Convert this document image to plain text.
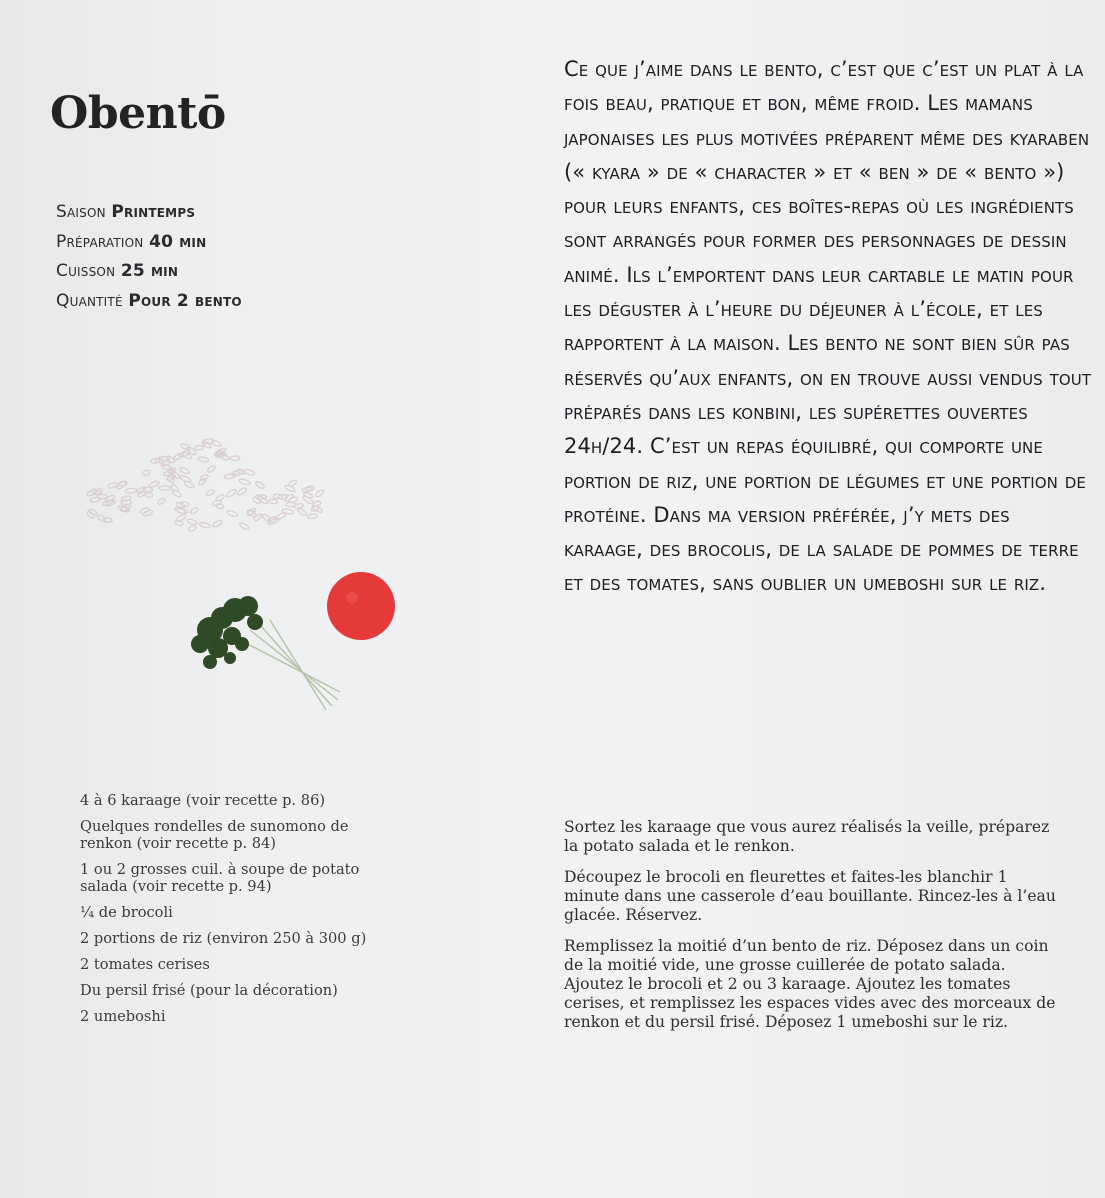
Obentō
Saison Printemps
Préparation 40 min
Cuisson 25 min
Quantité Pour 2 bento
Ce que j’aime dans le bento, c’est que c’est un plat à la fois beau, pratique et bon, même froid. Les mamans japonaises les plus motivées préparent même des kyaraben (« kyara » de « character » et « ben » de « bento ») pour leurs enfants, ces boîtes-repas où les ingrédients sont arrangés pour former des personnages de dessin animé. Ils l’emportent dans leur cartable le matin pour les déguster à l’heure du déjeuner à l’école, et les rapportent à la maison. Les bento ne sont bien sûr pas réservés qu’aux enfants, on en trouve aussi vendus tout préparés dans les konbini, les supérettes ouvertes 24h/24. C’est un repas équilibré, qui comporte une portion de riz, une portion de légumes et une portion de protéine. Dans ma version préférée, j’y mets des karaage, des brocolis, de la salade de pommes de terre et des tomates, sans oublier un umeboshi sur le riz.
4 à 6 karaage (voir recette p. 86)
Quelques rondelles de sunomono de renkon (voir recette p. 84)
1 ou 2 grosses cuil. à soupe de potato salada (voir recette p. 94)
¼ de brocoli
2 portions de riz (environ 250 à 300 g)
2 tomates cerises
Du persil frisé (pour la décoration)
2 umeboshi

Sortez les karaage que vous aurez réalisés la veille, préparez la potato salada et le renkon.

Découpez le brocoli en fleurettes et faites-les blanchir 1 minute dans une casserole d’eau bouillante. Rincez-les à l’eau glacée. Réservez.

Remplissez la moitié d’un bento de riz. Déposez dans un coin de la moitié vide, une grosse cuillerée de potato salada. Ajoutez le brocoli et 2 ou 3 karaage. Ajoutez les tomates cerises, et remplissez les espaces vides avec des morceaux de renkon et du persil frisé. Déposez 1 umeboshi sur le riz.
